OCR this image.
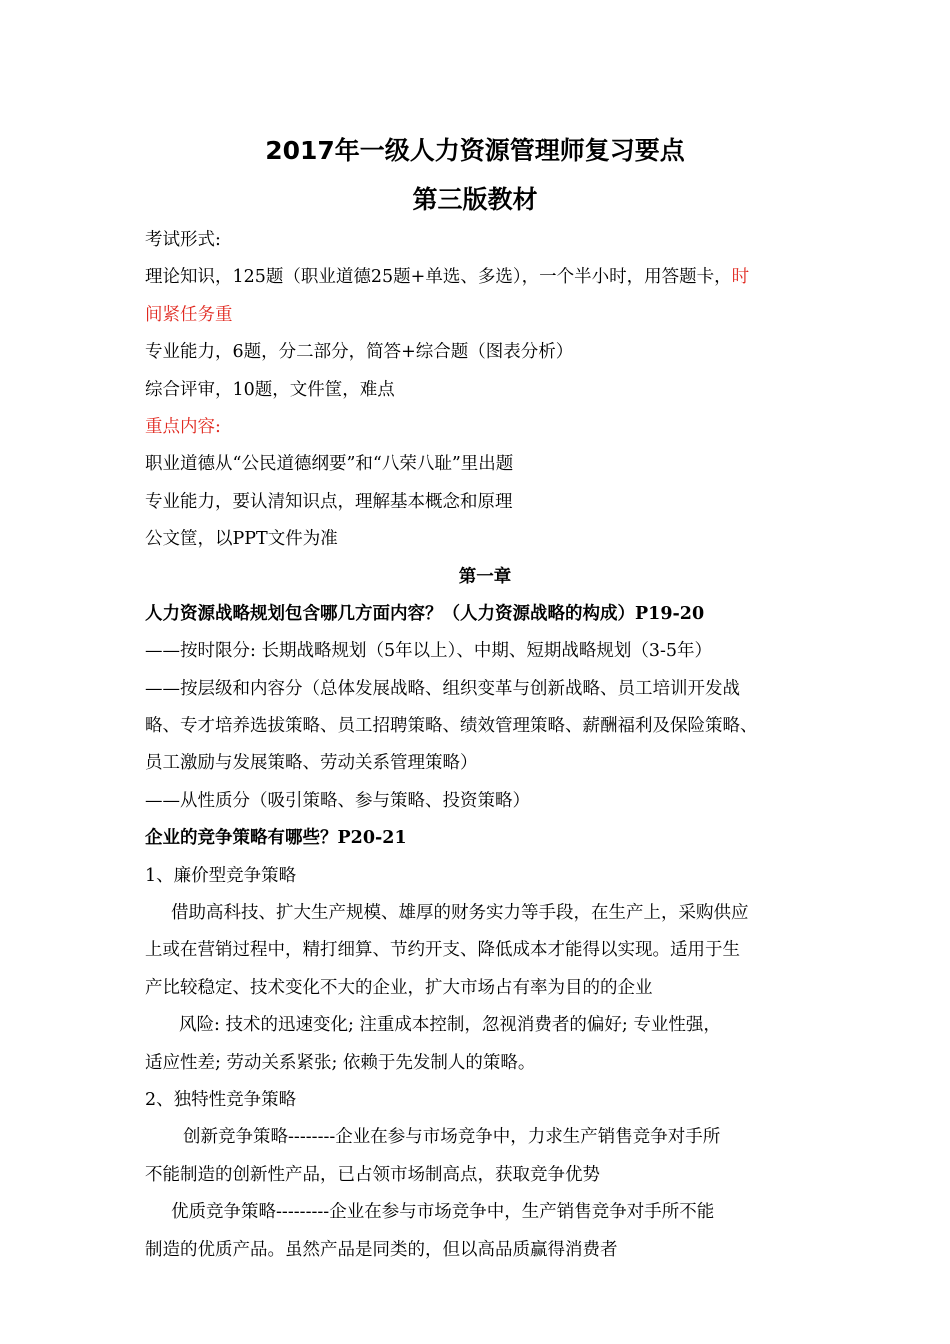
2017年一级人力资源管理师复习要点
第三版教材
考试形式:
理论知识，125题（职业道德25题+单选、多选），一个半小时，用答题卡，时
间紧任务重
专业能力，6题，分二部分，简答+综合题（图表分析）
综合评审，10题，文件筐，难点
重点内容:
职业道德从“公民道德纲要”和“八荣八耻”里出题
专业能力，要认清知识点，理解基本概念和原理
公文筐，以PPT文件为准
第一章
人力资源战略规划包含哪几方面内容？（人力资源战略的构成）P19-20
——按时限分: 长期战略规划（5年以上）、中期、短期战略规划（3-5年）
——按层级和内容分（总体发展战略、组织变革与创新战略、员工培训开发战
略、专才培养选拔策略、员工招聘策略、绩效管理策略、薪酬福利及保险策略、
员工激励与发展策略、劳动关系管理策略）
——从性质分（吸引策略、参与策略、投资策略）
企业的竞争策略有哪些？P20-21
1、廉价型竞争策略
借助高科技、扩大生产规模、雄厚的财务实力等手段，在生产上，采购供应
上或在营销过程中，精打细算、节约开支、降低成本才能得以实现。适用于生
产比较稳定、技术变化不大的企业，扩大市场占有率为目的的企业
风险: 技术的迅速变化; 注重成本控制，忽视消费者的偏好; 专业性强，
适应性差; 劳动关系紧张; 依赖于先发制人的策略。
2、独特性竞争策略
创新竞争策略--------企业在参与市场竞争中，力求生产销售竞争对手所
不能制造的创新性产品，已占领市场制高点，获取竞争优势
优质竞争策略---------企业在参与市场竞争中，生产销售竞争对手所不能
制造的优质产品。虽然产品是同类的，但以高品质赢得消费者
